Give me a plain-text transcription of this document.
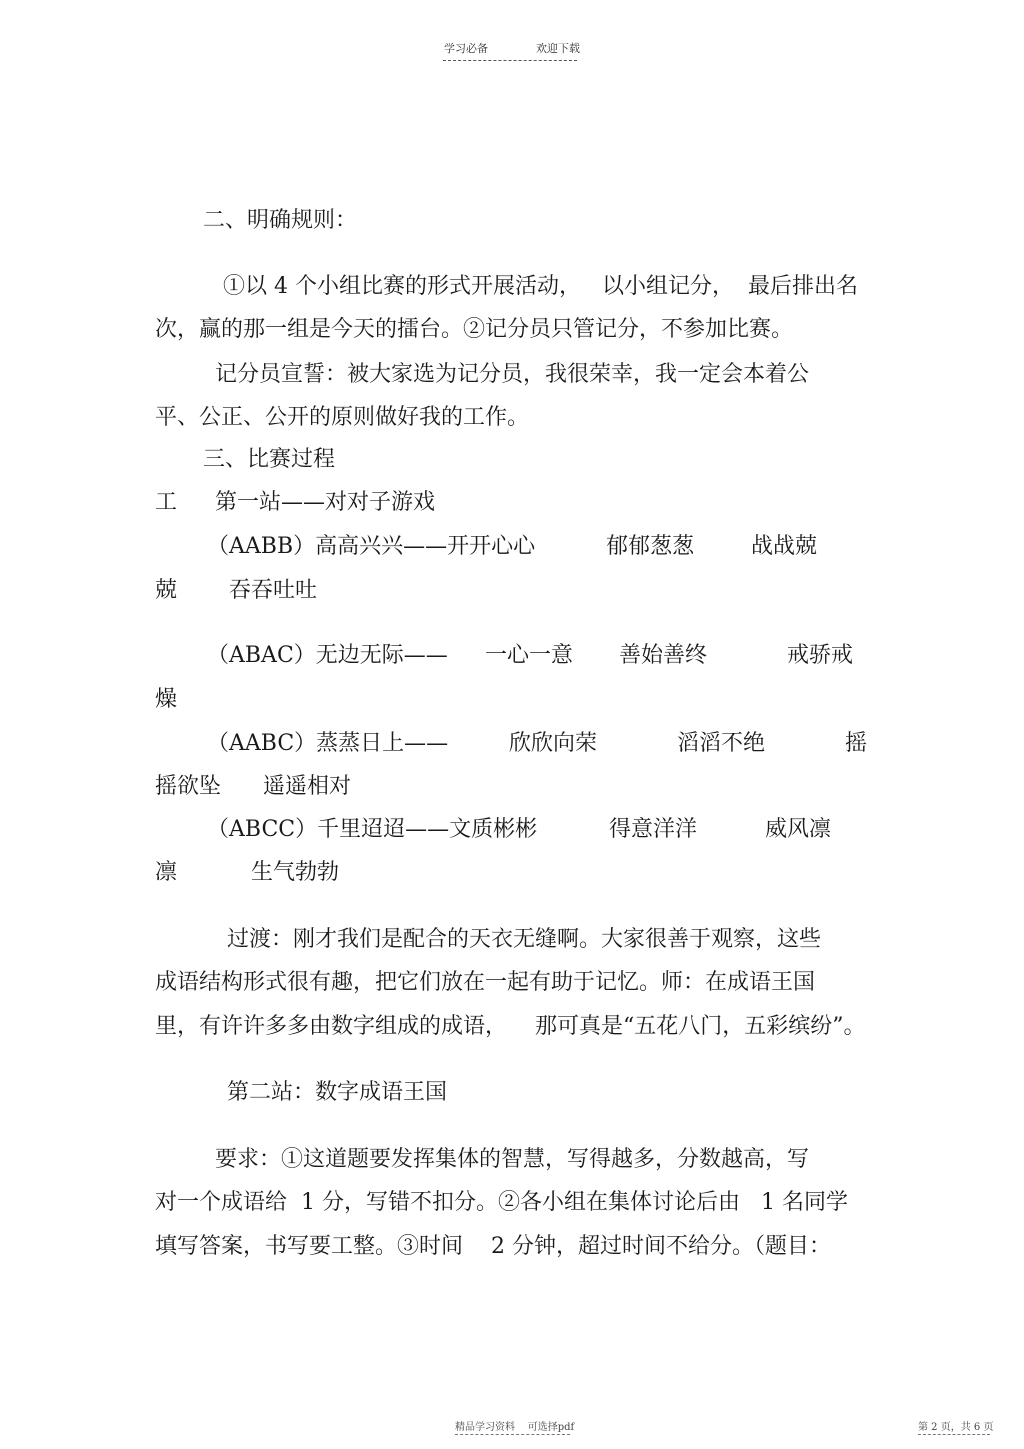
学习必备	欢迎下载
二、明确规则：
①以 4 个小组比赛的形式开展活动，   以小组记分，  最后排出名
次，赢的那一组是今天的擂台。②记分员只管记分，不参加比赛。
记分员宣誓：被大家选为记分员，我很荣幸，我一定会本着公
平、公正、公开的原则做好我的工作。
三、比赛过程
工 第一站——对对子游戏
（AABB）高高兴兴——开开心心	郁郁葱葱	战战兢
兢 吞吞吐吐
（ABAC）无边无际—— 一心一意 善始善终	戒骄戒
燥
（AABC）蒸蒸日上——	欣欣向荣	滔滔不绝	摇
摇欲坠 遥遥相对
（ABCC）千里迢迢——文质彬彬	得意洋洋	威风凛
凛	生气勃勃
过渡：刚才我们是配合的天衣无缝啊。大家很善于观察，这些
成语结构形式很有趣，把它们放在一起有助于记忆。师：在成语王国
里，有许许多多由数字组成的成语，    那可真是“五花八门，五彩缤纷”。
第二站：数字成语王国
要求：①这道题要发挥集体的智慧，写得越多，分数越高，写
对一个成语给  1 分，写错不扣分。②各小组在集体讨论后由   1 名同学
填写答案，书写要工整。③时间    2 分钟，超过时间不给分。（题目：
精品学习资料    可选择pdf	第 2 页，共 6 页
